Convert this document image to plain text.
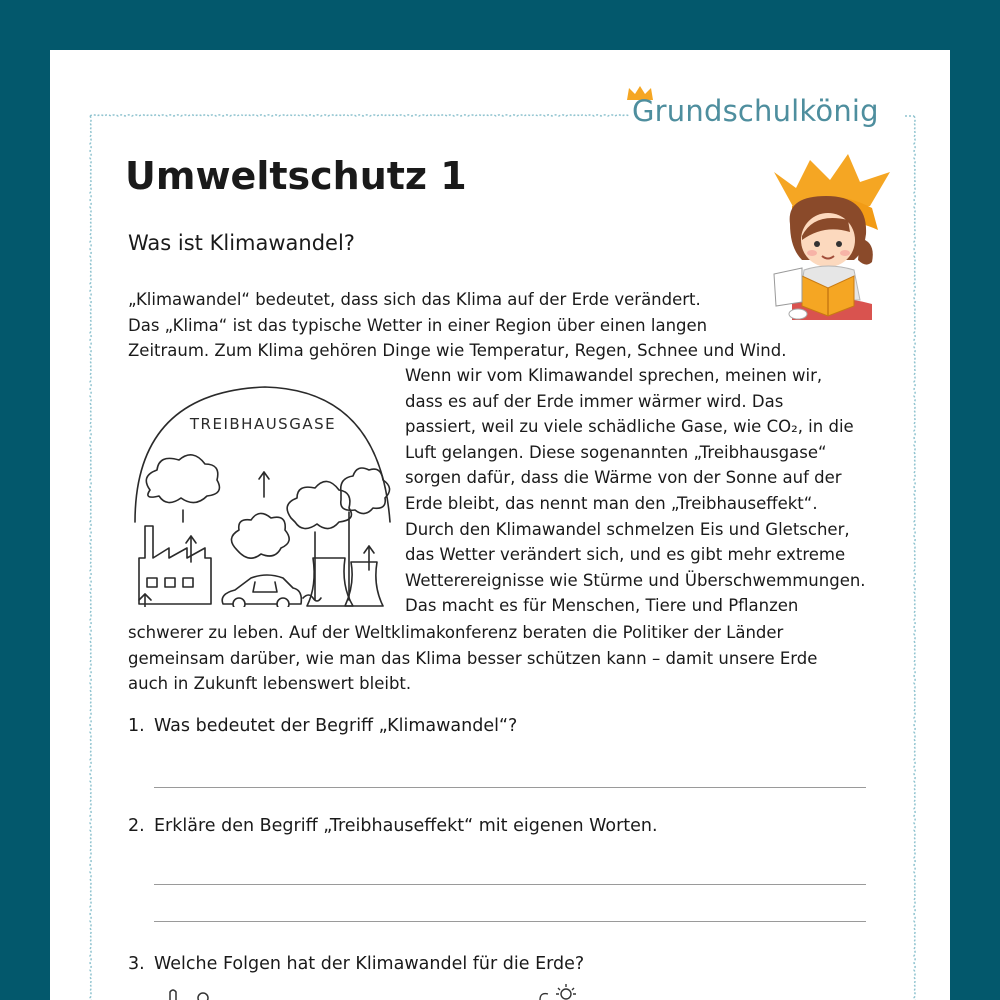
Grundschulkönig
Umweltschutz 1
Was ist Klimawandel?
„Klimawandel“ bedeutet, dass sich das Klima auf der Erde verändert.
Das „Klima“ ist das typische Wetter in einer Region über einen langen
Zeitraum. Zum Klima gehören Dinge wie Temperatur, Regen, Schnee und Wind.
TREIBHAUSGASE
Wenn wir vom Klimawandel sprechen, meinen wir,
dass es auf der Erde immer wärmer wird. Das
passiert, weil zu viele schädliche Gase, wie CO₂, in die
Luft gelangen. Diese sogenannten „Treibhausgase“
sorgen dafür, dass die Wärme von der Sonne auf der
Erde bleibt, das nennt man den „Treibhauseffekt“.
Durch den Klimawandel schmelzen Eis und Gletscher,
das Wetter verändert sich, und es gibt mehr extreme
Wetterereignisse wie Stürme und Überschwemmungen.
Das macht es für Menschen, Tiere und Pflanzen
schwerer zu leben. Auf der Weltklimakonferenz beraten die Politiker der Länder
gemeinsam darüber, wie man das Klima besser schützen kann – damit unsere Erde
auch in Zukunft lebenswert bleibt.
1. Was bedeutet der Begriff „Klimawandel“?
2. Erkläre den Begriff „Treibhauseffekt“ mit eigenen Worten.
3. Welche Folgen hat der Klimawandel für die Erde?
